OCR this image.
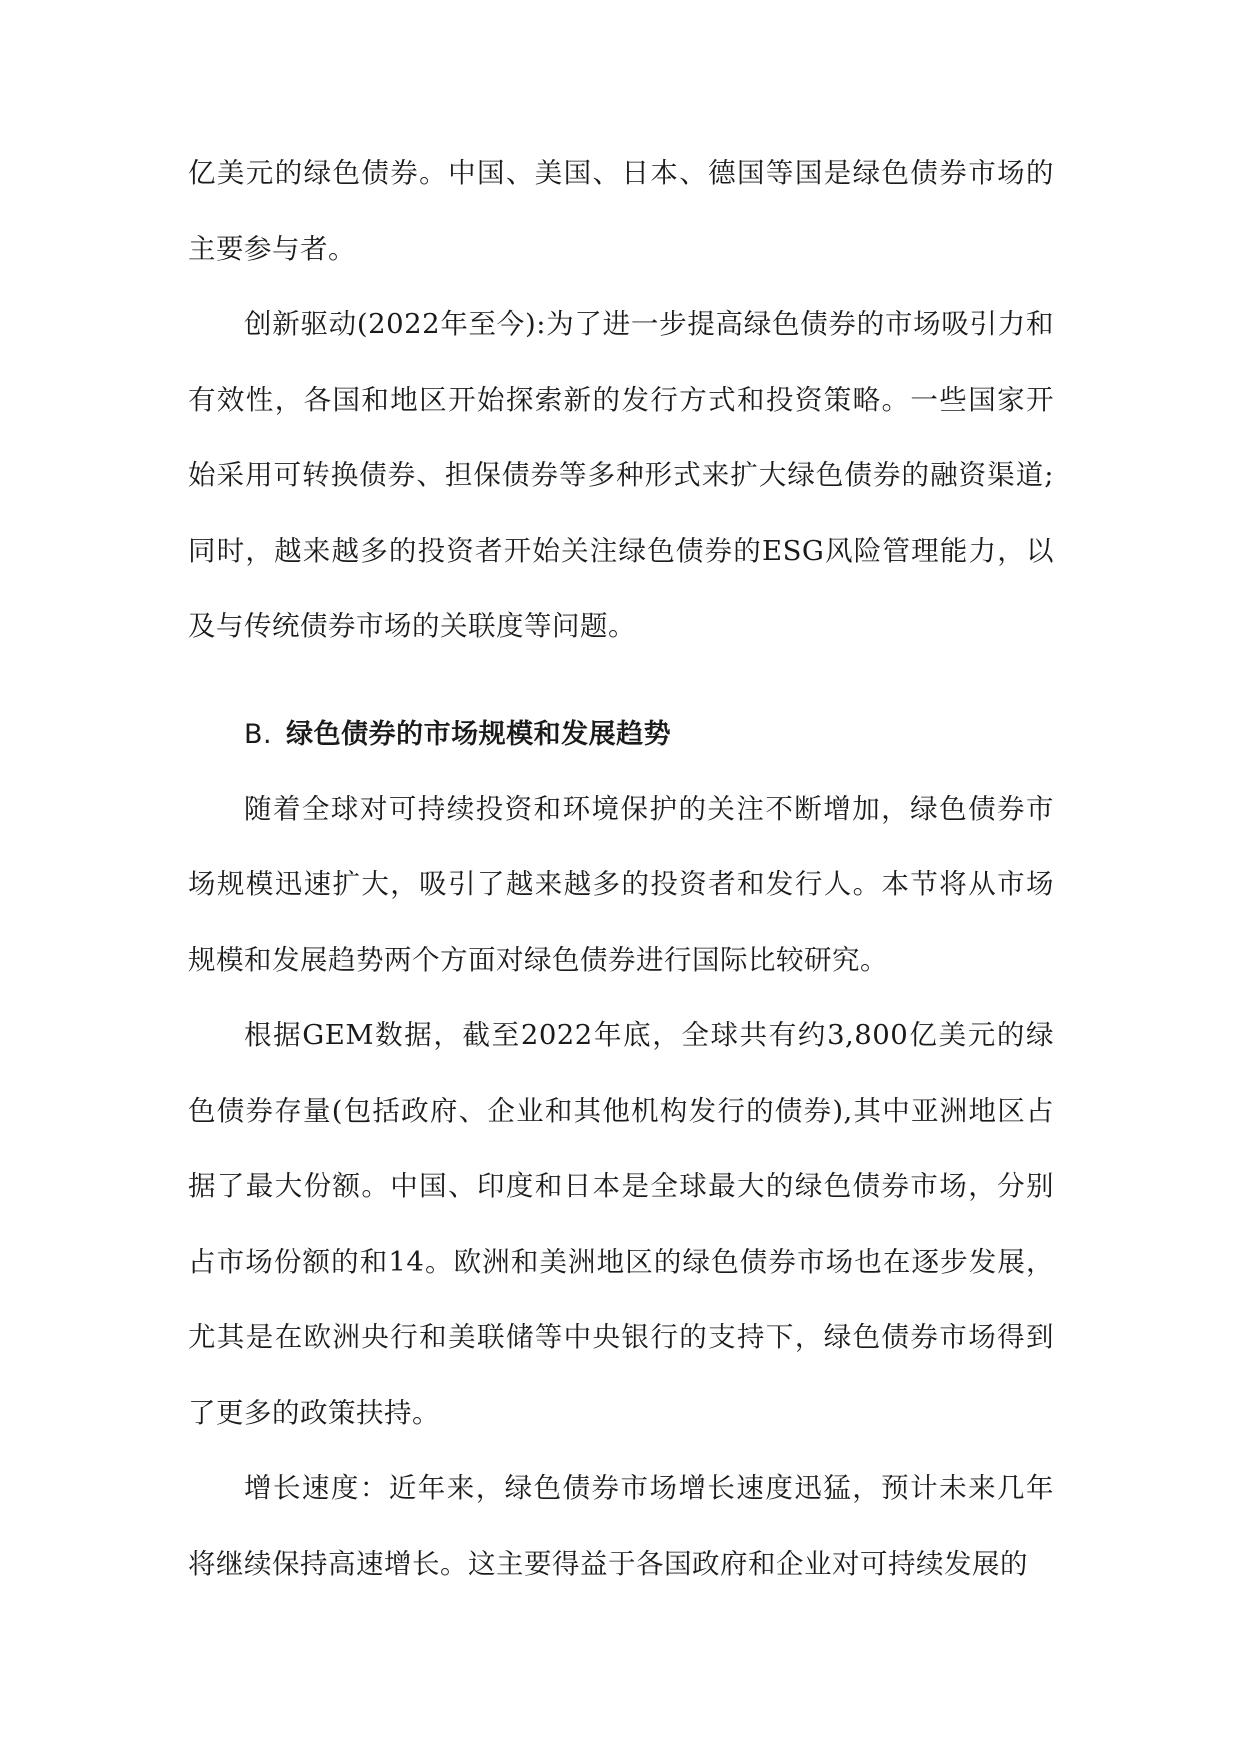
亿美元的绿色债券。中国、美国、日本、德国等国是绿色债券市场的主要参与者。

创新驱动(2022年至今):为了进一步提高绿色债券的市场吸引力和有效性，各国和地区开始探索新的发行方式和投资策略。一些国家开始采用可转换债券、担保债券等多种形式来扩大绿色债券的融资渠道;同时，越来越多的投资者开始关注绿色债券的ESG风险管理能力，以及与传统债券市场的关联度等问题。

B. 绿色债券的市场规模和发展趋势

随着全球对可持续投资和环境保护的关注不断增加，绿色债券市场规模迅速扩大，吸引了越来越多的投资者和发行人。本节将从市场规模和发展趋势两个方面对绿色债券进行国际比较研究。

根据GEM数据，截至2022年底，全球共有约3,800亿美元的绿色债券存量(包括政府、企业和其他机构发行的债券),其中亚洲地区占据了最大份额。中国、印度和日本是全球最大的绿色债券市场，分别占市场份额的和14。欧洲和美洲地区的绿色债券市场也在逐步发展，尤其是在欧洲央行和美联储等中央银行的支持下，绿色债券市场得到了更多的政策扶持。

增长速度：近年来，绿色债券市场增长速度迅猛，预计未来几年将继续保持高速增长。这主要得益于各国政府和企业对可持续发展的
